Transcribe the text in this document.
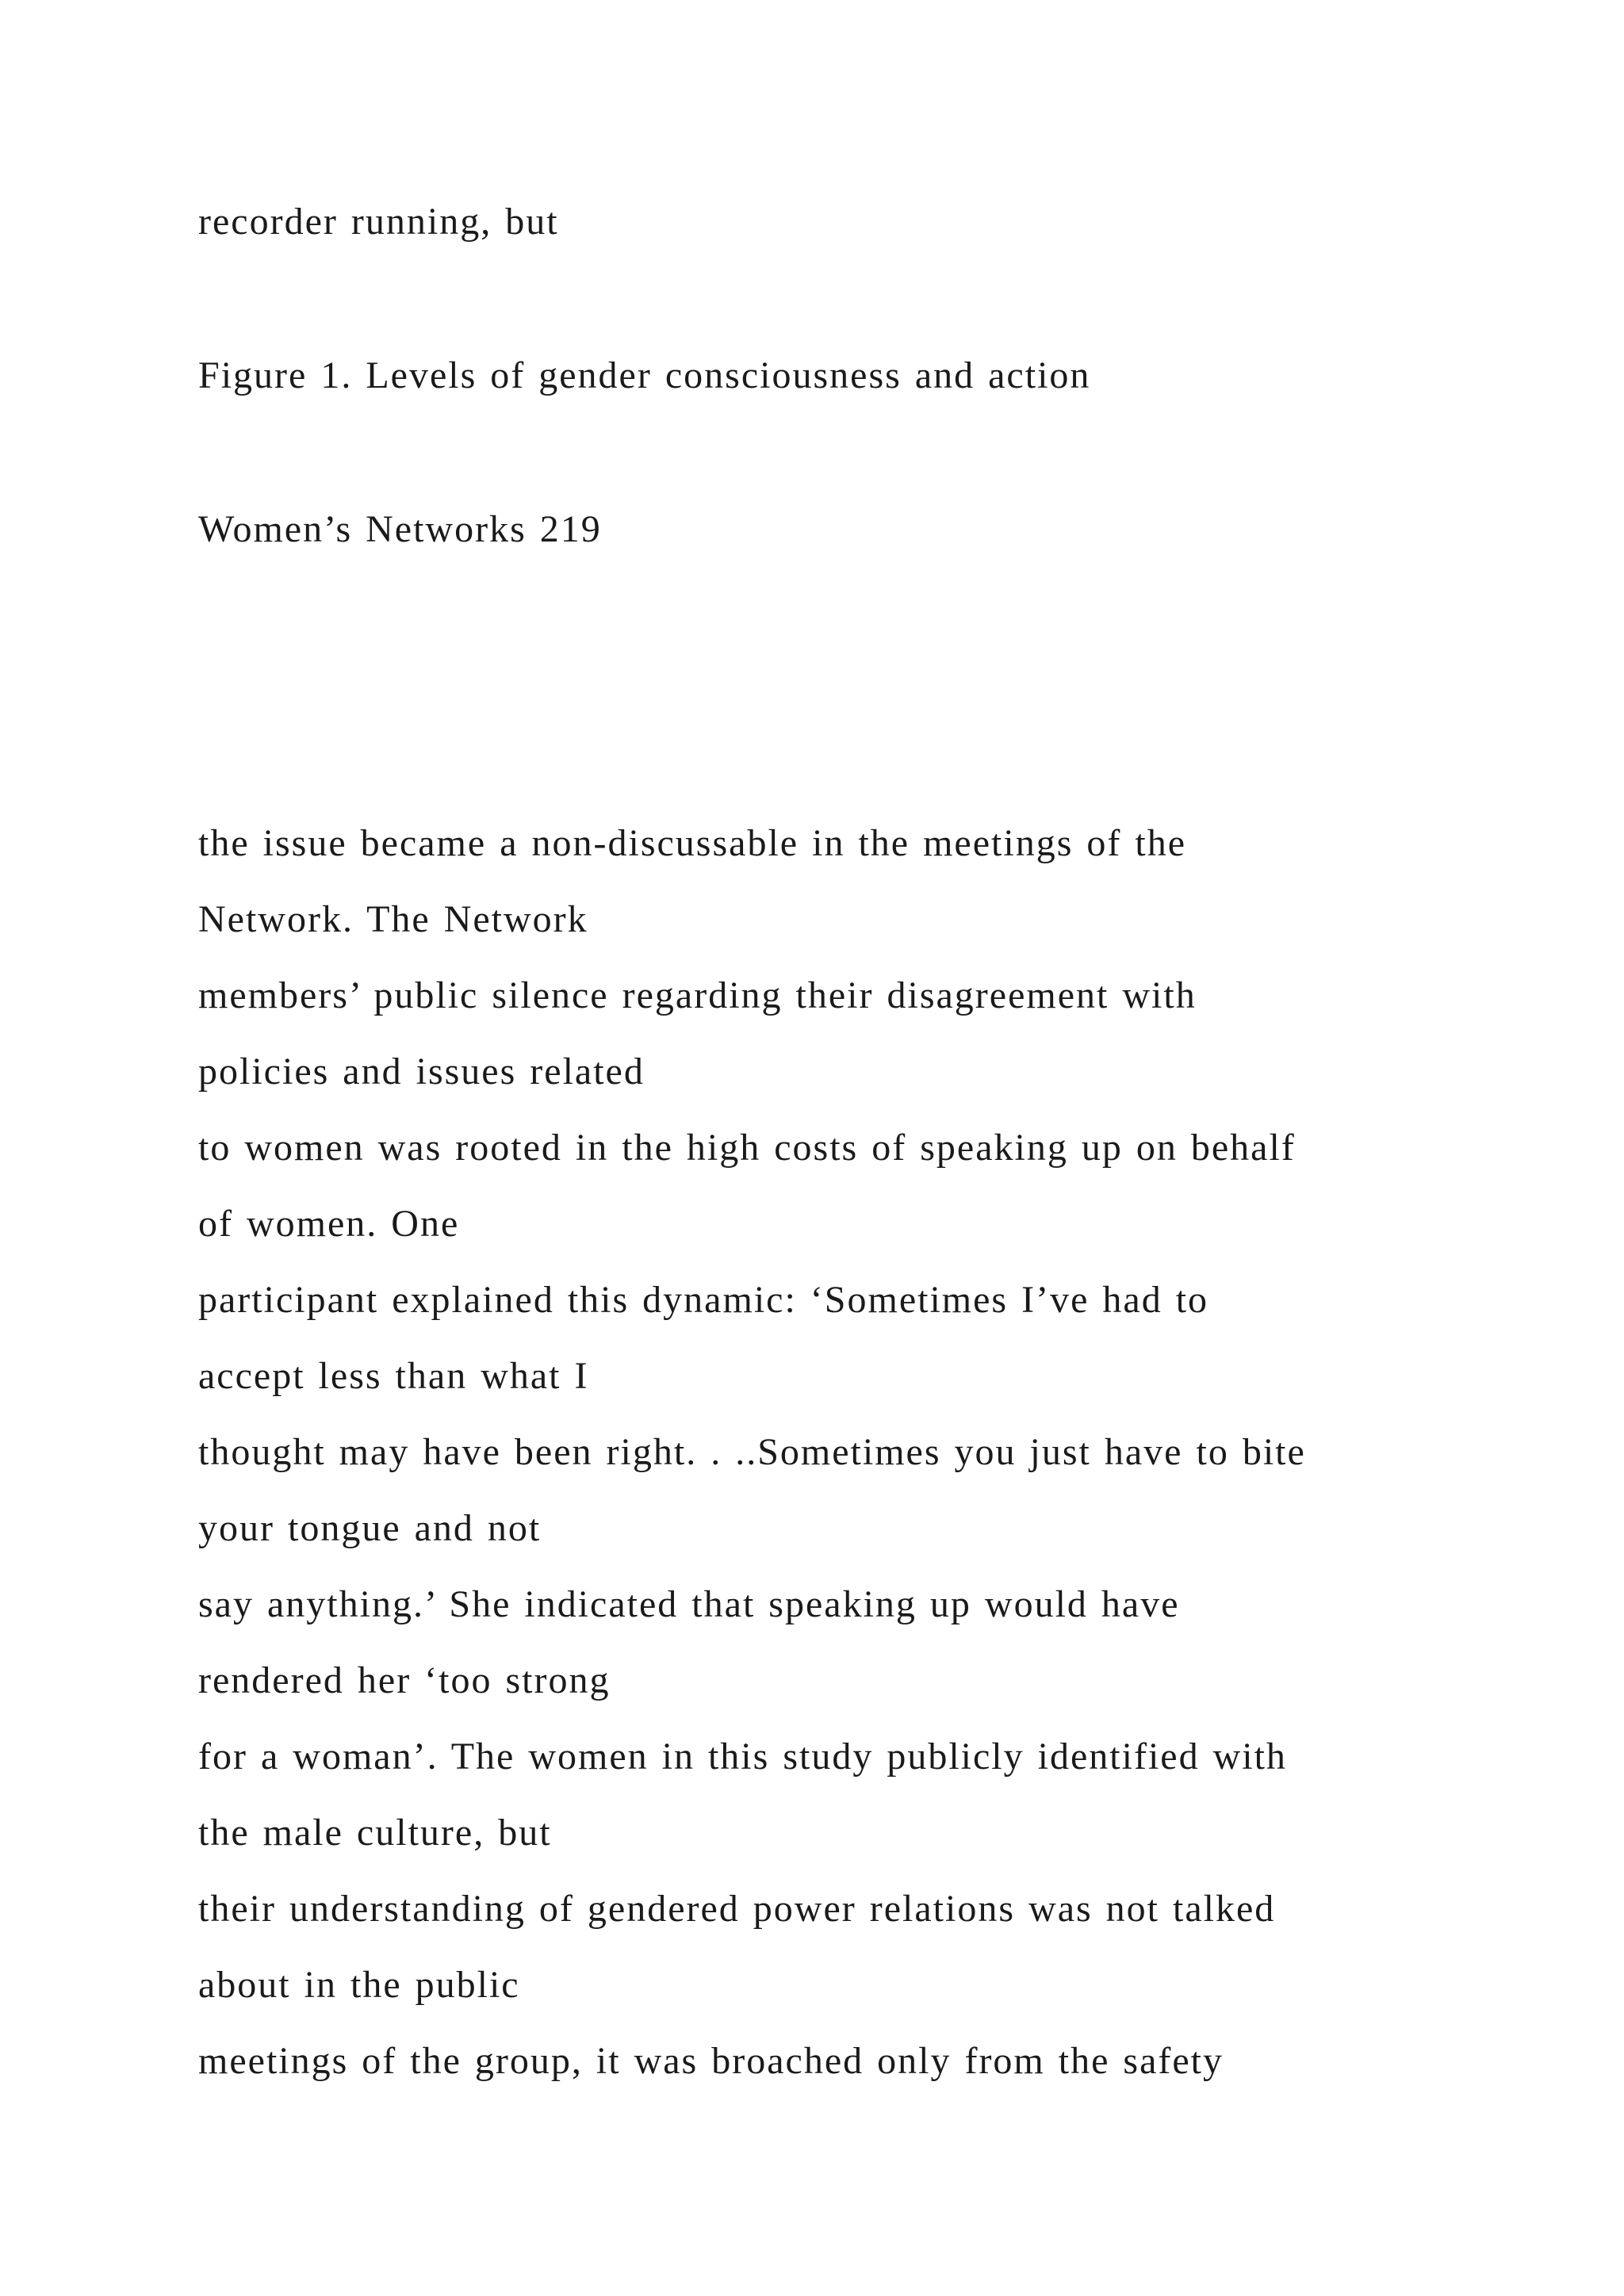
recorder running, but

Figure 1. Levels of gender consciousness and action

Women’s Networks 219

the issue became a non-discussable in the meetings of the

Network. The Network

members’ public silence regarding their disagreement with

policies and issues related

to women was rooted in the high costs of speaking up on behalf

of women. One

participant explained this dynamic: ‘Sometimes I’ve had to

accept less than what I

thought may have been right. . ..Sometimes you just have to bite

your tongue and not

say anything.’ She indicated that speaking up would have

rendered her ‘too strong

for a woman’. The women in this study publicly identified with

the male culture, but

their understanding of gendered power relations was not talked

about in the public

meetings of the group, it was broached only from the safety
